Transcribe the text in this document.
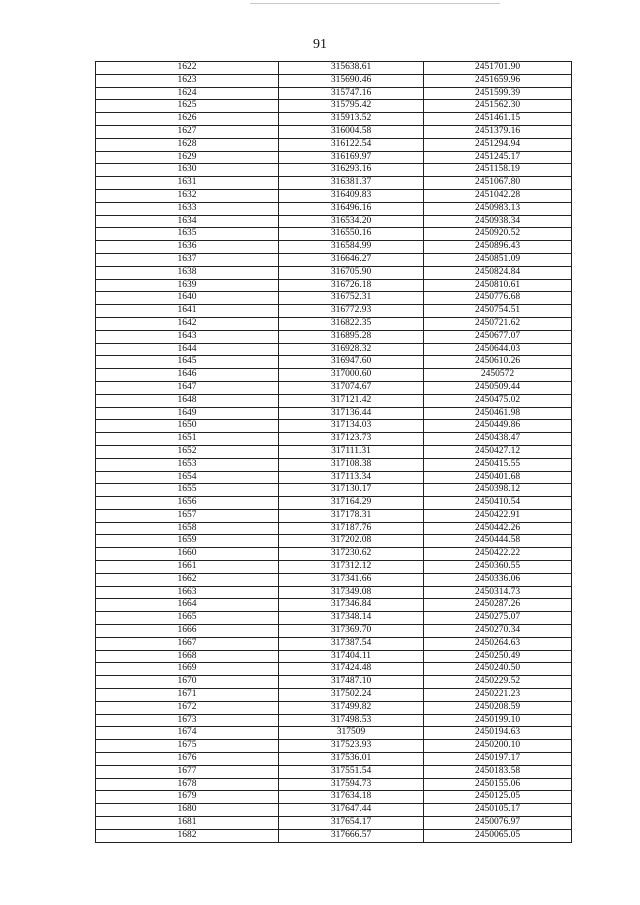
91
1622	315638.61	2451701.90
1623	315690.46	2451659.96
1624	315747.16	2451599.39
1625	315795.42	2451562.30
1626	315913.52	2451461.15
1627	316004.58	2451379.16
1628	316122.54	2451294.94
1629	316169.97	2451245.17
1630	316293.16	2451158.19
1631	316381.37	2451067.80
1632	316409.83	2451042.28
1633	316496.16	2450983.13
1634	316534.20	2450938.34
1635	316550.16	2450920.52
1636	316584.99	2450896.43
1637	316646.27	2450851.09
1638	316705.90	2450824.84
1639	316726.18	2450810.61
1640	316752.31	2450776.68
1641	316772.93	2450754.51
1642	316822.35	2450721.62
1643	316895.28	2450677.07
1644	316928.32	2450644.03
1645	316947.60	2450610.26
1646	317000.60	2450572
1647	317074.67	2450509.44
1648	317121.42	2450475.02
1649	317136.44	2450461.98
1650	317134.03	2450449.86
1651	317123.73	2450438.47
1652	317111.31	2450427.12
1653	317108.38	2450415.55
1654	317113.34	2450401.68
1655	317130.17	2450398.12
1656	317164.29	2450410.54
1657	317178.31	2450422.91
1658	317187.76	2450442.26
1659	317202.08	2450444.58
1660	317230.62	2450422.22
1661	317312.12	2450360.55
1662	317341.66	2450336.06
1663	317349.08	2450314.73
1664	317346.84	2450287.26
1665	317348.14	2450275.07
1666	317369.70	2450270.34
1667	317387.54	2450264.63
1668	317404.11	2450250.49
1669	317424.48	2450240.50
1670	317487.10	2450229.52
1671	317502.24	2450221.23
1672	317499.82	2450208.59
1673	317498.53	2450199.10
1674	317509	2450194.63
1675	317523.93	2450200.10
1676	317536.01	2450197.17
1677	317551.54	2450183.58
1678	317594.73	2450155.06
1679	317634.18	2450125.05
1680	317647.44	2450105.17
1681	317654.17	2450076.97
1682	317666.57	2450065.05
